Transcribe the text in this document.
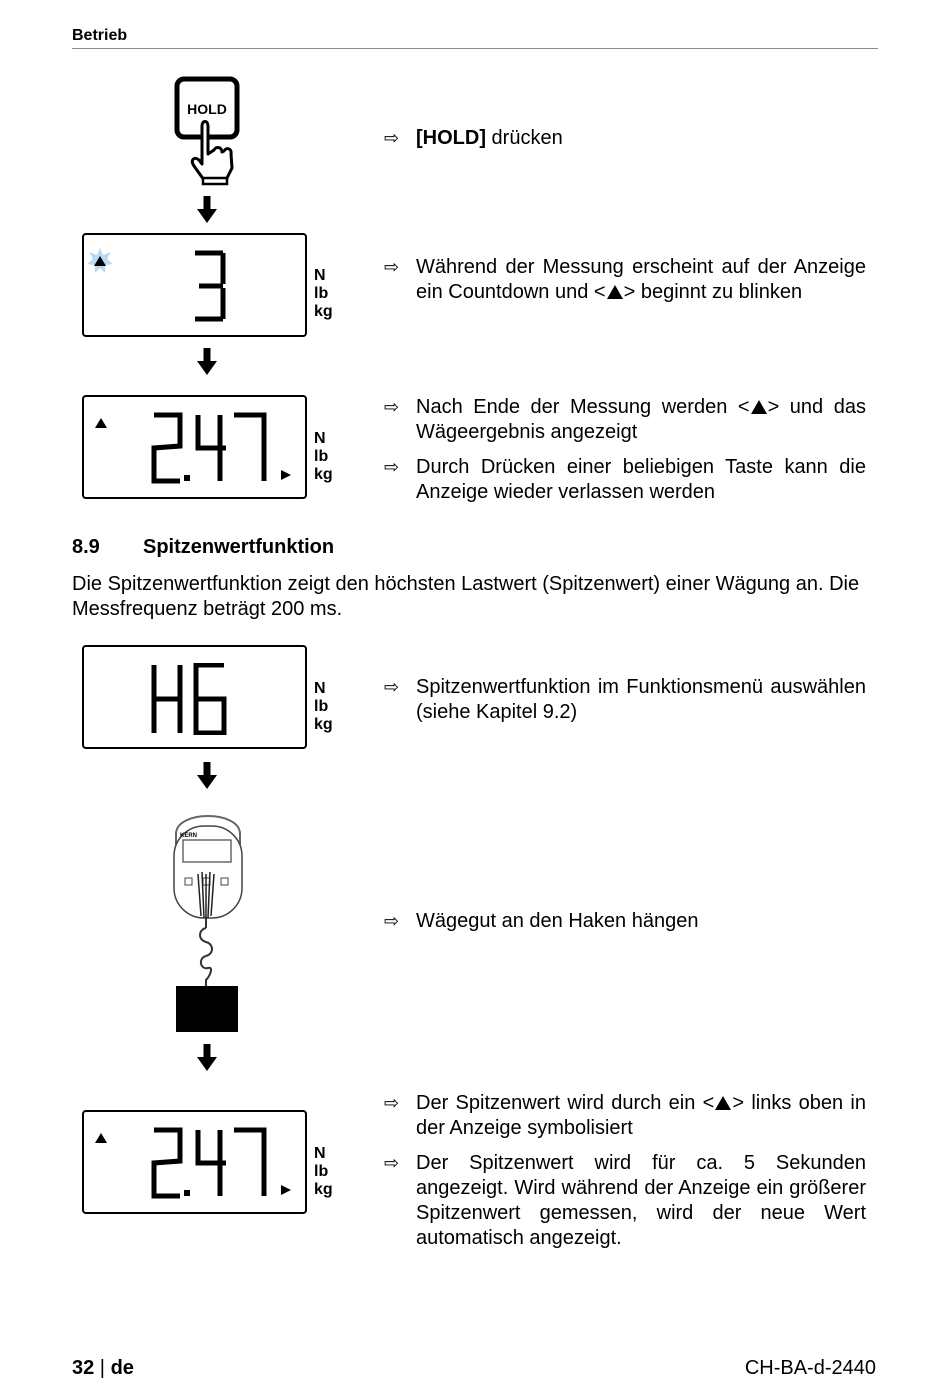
Betrieb
HOLD
N
lb
kg
N
lb
kg
⇨ [HOLD] drücken
⇨ Während der Messung erscheint auf der Anzeige ein Countdown und < > beginnt zu blinken
⇨ Nach Ende der Messung werden < > und das Wägeergebnis angezeigt
⇨ Durch Drücken einer beliebigen Taste kann die Anzeige wieder verlassen werden
8.9 Spitzenwertfunktion
Die Spitzenwertfunktion zeigt den höchsten Lastwert (Spitzenwert) einer Wägung an. Die Messfrequenz beträgt 200 ms.
N
lb
kg
KERN
N
lb
kg
⇨ Spitzenwertfunktion im Funktionsmenü auswählen (siehe Kapitel 9.2)
⇨ Wägegut an den Haken hängen
⇨ Der Spitzenwert wird durch ein < > links oben in der Anzeige symbolisiert
⇨ Der Spitzenwert wird für ca. 5 Sekunden angezeigt. Wird während der Anzeige ein größerer Spitzenwert gemessen, wird der neue Wert automatisch angezeigt.
32 | de	CH-BA-d-2440
